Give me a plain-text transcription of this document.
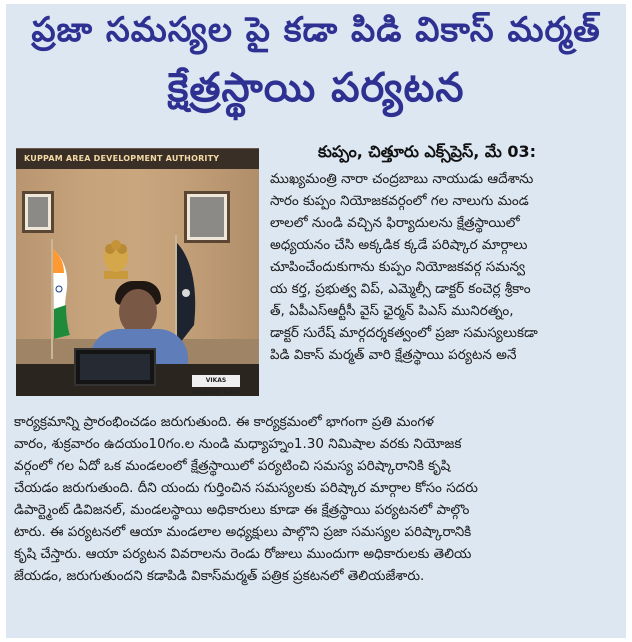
ప్రజా సమస్యల పై కడా పిడి వికాస్ మర్మత్
క్షేత్రస్థాయి పర్యటన
KUPPAM AREA DEVELOPMENT AUTHORITY
VIKAS MARMAT I.A.S
కుప్పం, చిత్తూరు ఎక్స్‌ప్రెస్, మే 03:
ముఖ్యమంత్రి నారా చంద్రబాబు నాయుడు ఆదేశాను
సారం కుప్పం నియోజకవర్గంలో గల నాలుగు మండ
లాలలో నుండి వచ్చిన ఫిర్యాదులను క్షేత్రస్థాయిలో
అధ్యయనం చేసి అక్కడిక క్కడే పరిష్కార మార్గాలు
చూపించేందుకుగాను కుప్పం నియోజకవర్గ సమన్వ
య కర్త, ప్రభుత్వ విప్, ఎమ్మెల్సీ డాక్టర్ కంచెర్ల శ్రీకాం
త్, ఏపీఎస్ఆర్టీసీ వైస్ ఛైర్మన్ పిఎస్ మునిరత్నం,
డాక్టర్ సురేష్ మార్గదర్శకత్వంలో ప్రజా సమస్యలుకడా
పిడి వికాస్ మర్మత్ వారి క్షేత్రస్థాయి పర్యటన అనే
కార్యక్రమాన్ని ప్రారంభించడం జరుగుతుంది. ఈ కార్యక్రమంలో భాగంగా ప్రతి మంగళ
వారం, శుక్రవారం ఉదయం10గం.ల నుండి మధ్యాహ్నం1.30 నిమిషాల వరకు నియోజక
వర్గంలో గల ఏదో ఒక మండలంలో క్షేత్రస్థాయిలో పర్యటించి సమస్య పరిష్కారానికి కృషి
చేయడం జరుగుతుంది. దీని యందు గుర్తించిన సమస్యలకు పరిష్కార మార్గాల కోసం సదరు
డిపార్ట్మెంట్ డివిజనల్, మండలస్థాయి అధికారులు కూడా ఈ క్షేత్రస్థాయి పర్యటనలో పాల్గొం
టారు. ఈ పర్యటనలో ఆయా మండలాల అధ్యక్షులు పాల్గొని ప్రజా సమస్యల పరిష్కారానికి
కృషి చేస్తారు. ఆయా పర్యటన వివరాలను రెండు రోజులు ముందుగా అధికారులకు తెలియ
జేయడం, జరుగుతుందని కడాపిడి వికాస్‌మర్మత్ పత్రిక ప్రకటనలో తెలియజేశారు.
